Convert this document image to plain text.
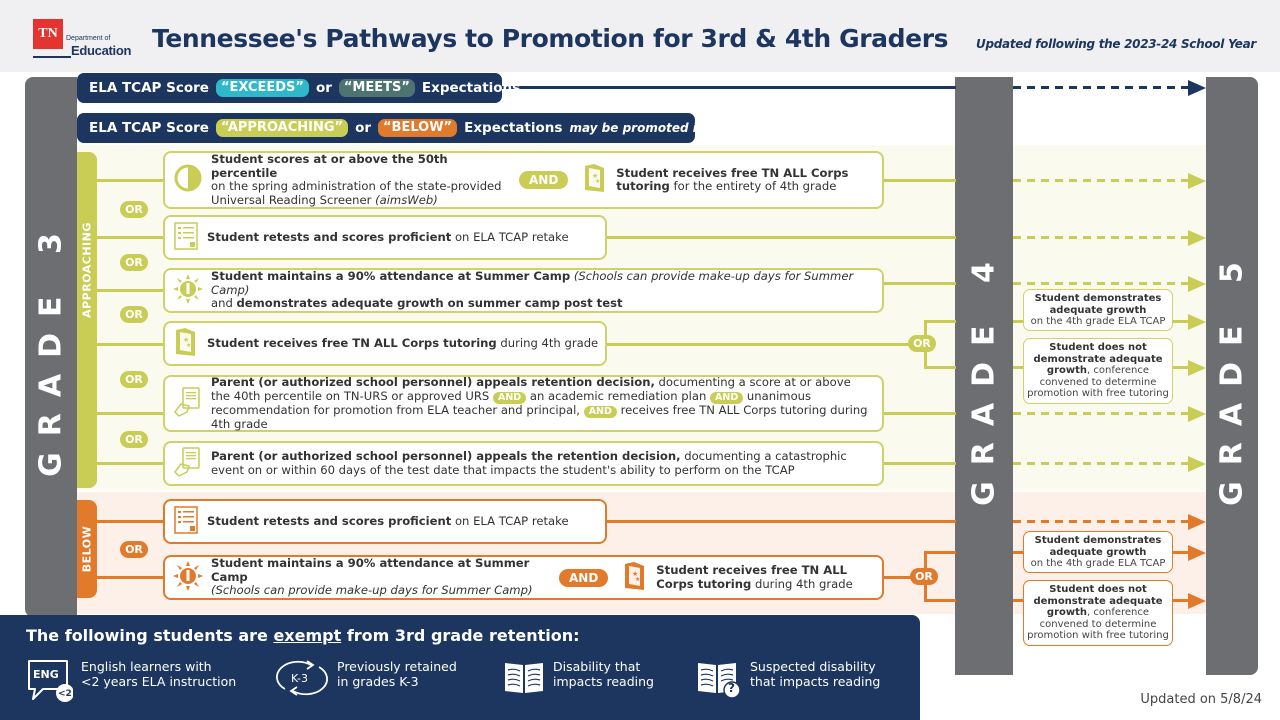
TN	Department of
Education Tennessee's Pathways to Promotion for 3rd & 4th Graders Updated following the 2023-24 School Year
GRADE 3	GRADE 4	GRADE 5
ELA TCAP Score “EXCEEDS” or “MEETS” Expectations
ELA TCAP Score “APPROACHING” or “BELOW” Expectations may be promoted if...
APPROACHING
BELOW
OR
OR
OR
OR
OR
OR
Student scores at or above the 50th percentile
on the spring administration of the state-provided Universal Reading Screener (aimsWeb)
AND	★
★
Student receives free TN ALL Corps tutoring for the entirety of 4th grade
Student retests and scores proficient on ELA TCAP retake
Student maintains a 90% attendance at Summer Camp (Schools can provide make-up days for Summer Camp)
and demonstrates adequate growth on summer camp post test
★
★ Student receives free TN ALL Corps tutoring during 4th grade
Parent (or authorized school personnel) appeals retention decision, documenting a score at or above the 40th percentile on TN-URS or approved URS AND an academic remediation plan AND unanimous recommendation for promotion from ELA teacher and principal, AND receives free TN ALL Corps tutoring during 4th grade
Parent (or authorized school personnel) appeals the retention decision, documenting a catastrophic event on or within 60 days of the test date that impacts the student's ability to perform on the TCAP
Student demonstrates adequate growth
on the 4th grade ELA TCAP
Student does not demonstrate adequate growth, conference convened to determine promotion with free tutoring
OR
OR
Student retests and scores proficient on ELA TCAP retake
Student maintains a 90% attendance at Summer Camp
(Schools can provide make-up days for Summer Camp)
AND	★
★
Student receives free TN ALL Corps tutoring during 4th grade
Student demonstrates adequate growth
on the 4th grade ELA TCAP
Student does not demonstrate adequate growth, conference convened to determine promotion with free tutoring
The following students are exempt from 3rd grade retention:
ENG
<2
English learners with
<2 years ELA instruction	K-3
Previously retained
in grades K-3
Disability that
impacts reading	?
Suspected disability
that impacts reading
Updated on 5/8/24
